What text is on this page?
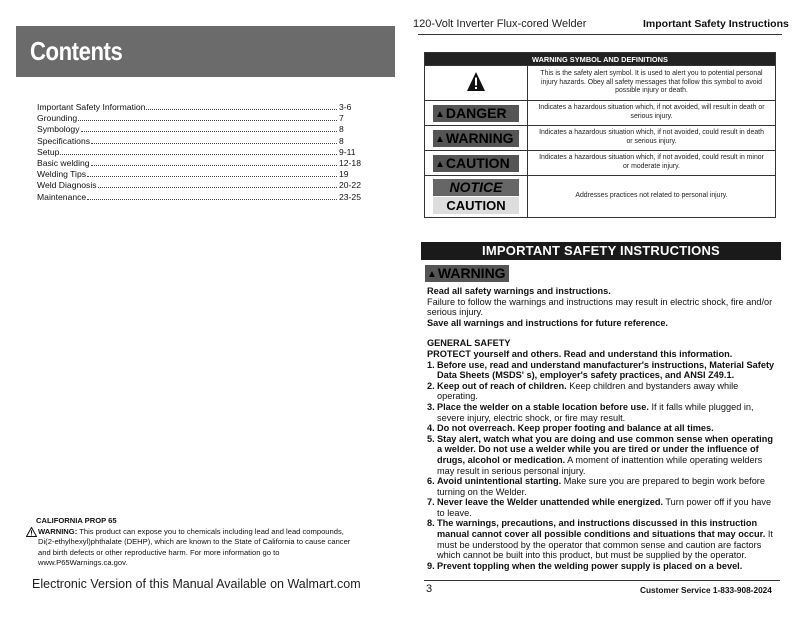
Contents
Important Safety Information	3-6
Grounding	7
Symbology	8
Specifications	8
Setup	9-11
Basic welding	12-18
Welding Tips	19
Weld Diagnosis	20-22
Maintenance	23-25
CALIFORNIA PROP 65
WARNING: This product can expose you to chemicals including lead and lead compounds, Di(2-ethylhexyl)phthalate (DEHP), which are known to the State of California to cause cancer and birth defects or other reproductive harm. For more information go to www.P65Warnings.ca.gov.
Electronic Version of this Manual Available on Walmart.com
120-Volt Inverter Flux-cored Welder	Important Safety Instructions
WARNING SYMBOL AND DEFINITIONS	
	This is the safety alert symbol. It is used to alert you to potential personal injury hazards. Obey all safety messages that follow this symbol to avoid possible injury or death.
▲DANGER	Indicates a hazardous situation which, if not avoided, will result in death or serious injury.
▲WARNING	Indicates a hazardous situation which, if not avoided, could result in death or serious injury.
▲CAUTION	Indicates a hazardous situation which, if not avoided, could result in minor or moderate injury.

NOTICE
CAUTION	Addresses practices not related to personal injury.
IMPORTANT SAFETY INSTRUCTIONS
▲WARNING

Read all safety warnings and instructions.

Failure to follow the warnings and instructions may result in electric shock, fire and/or serious injury.

Save all warnings and instructions for future reference.

GENERAL SAFETY

PROTECT yourself and others. Read and understand this information.

1. Before use, read and understand manufacturer's instructions, Material Safety Data Sheets (MSDS' s), employer's safety practices, and ANSI Z49.1.
2. Keep out of reach of children. Keep children and bystanders away while operating.
3. Place the welder on a stable location before use. If it falls while plugged in, severe injury, electric shock, or fire may result.
4. Do not overreach. Keep proper footing and balance at all times.
5. Stay alert, watch what you are doing and use common sense when operating a welder. Do not use a welder while you are tired or under the influence of drugs, alcohol or medication. A moment of inattention while operating welders may result in serious personal injury.
6. Avoid unintentional starting. Make sure you are prepared to begin work before turning on the Welder.
7. Never leave the Welder unattended while energized. Turn power off if you have to leave.
8. The warnings, precautions, and instructions discussed in this instruction manual cannot cover all possible conditions and situations that may occur. It must be understood by the operator that common sense and caution are factors which cannot be built into this product, but must be supplied by the operator.
9. Prevent toppling when the welding power supply is placed on a bevel.
3	Customer Service 1-833-908-2024
